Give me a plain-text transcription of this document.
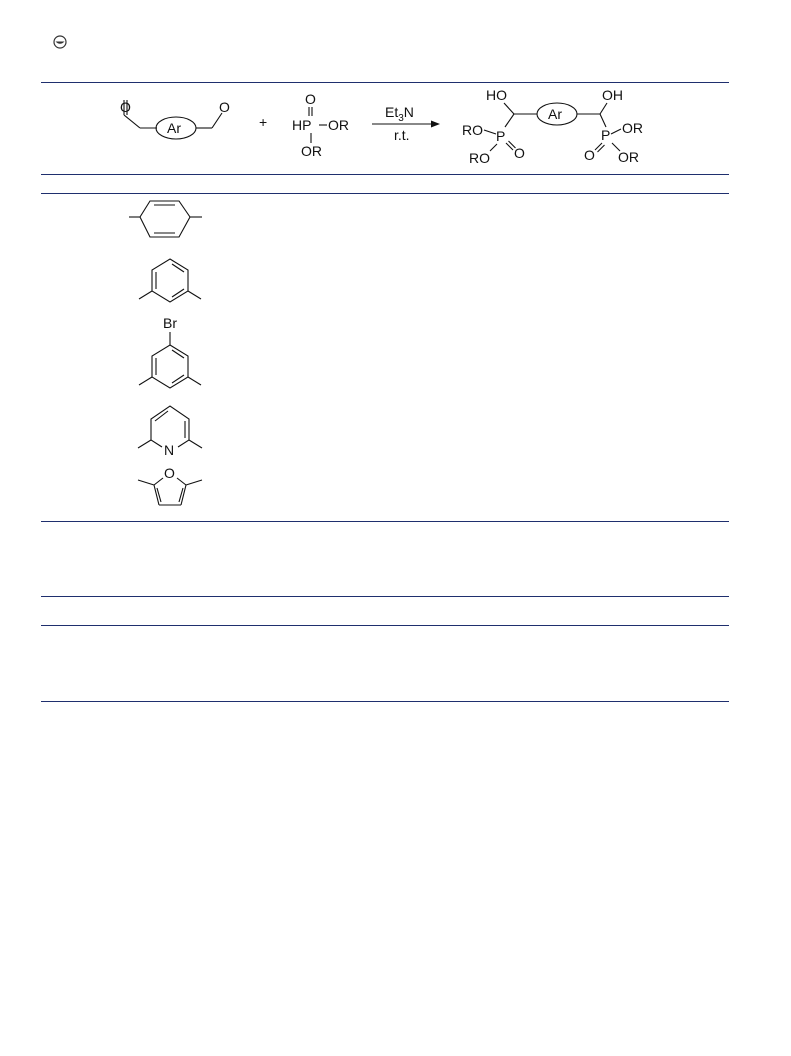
O	O
Ar	+
O
HP OR
OR
$Et_3N$
r.t.
HO
Ar
OH
RO P
RO O
P OR
OR
O
Br
N
O
